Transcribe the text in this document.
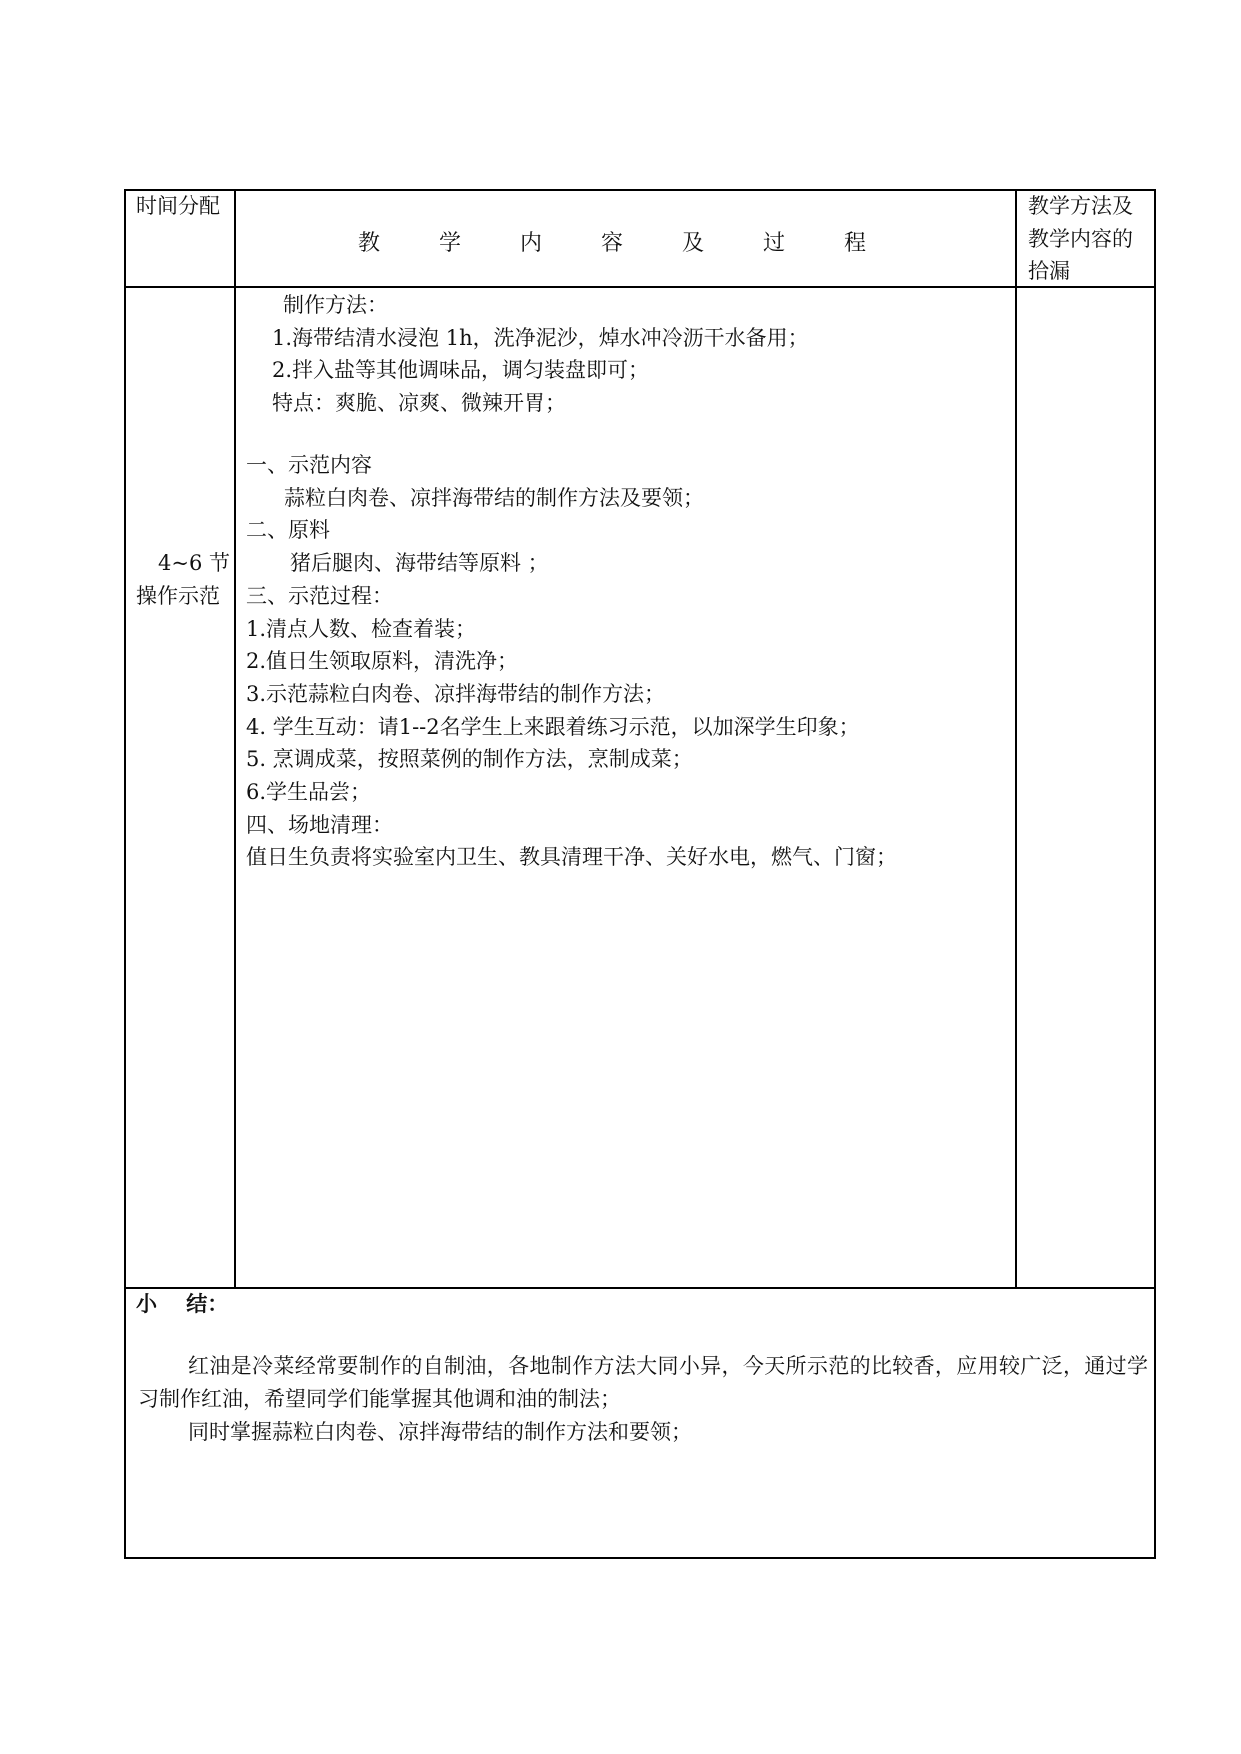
时间分配
教 学 内 容 及 过 程
教学方法及
教学内容的
拾漏
4~6 节
操作示范
制作方法：
1.海带结清水浸泡 1h，洗净泥沙，焯水冲冷沥干水备用；
2.拌入盐等其他调味品，调匀装盘即可；
特点：爽脆、凉爽、微辣开胃；
一、示范内容
蒜粒白肉卷、凉拌海带结的制作方法及要领；
二、原料
猪后腿肉、海带结等原料 ；
三、示范过程：
1.清点人数、检查着装；
2.值日生领取原料，清洗净；
3.示范蒜粒白肉卷、凉拌海带结的制作方法；
4. 学生互动：请1--2名学生上来跟着练习示范，以加深学生印象；
5. 烹调成菜，按照菜例的制作方法，烹制成菜；
6.学生品尝；
四、场地清理：
值日生负责将实验室内卫生、教具清理干净、关好水电，燃气、门窗；
小    结：
红油是冷菜经常要制作的自制油，各地制作方法大同小异，今天所示范的比较香，应用较广泛，通过学习制作红油，希望同学们能掌握其他调和油的制法；
同时掌握蒜粒白肉卷、凉拌海带结的制作方法和要领；
